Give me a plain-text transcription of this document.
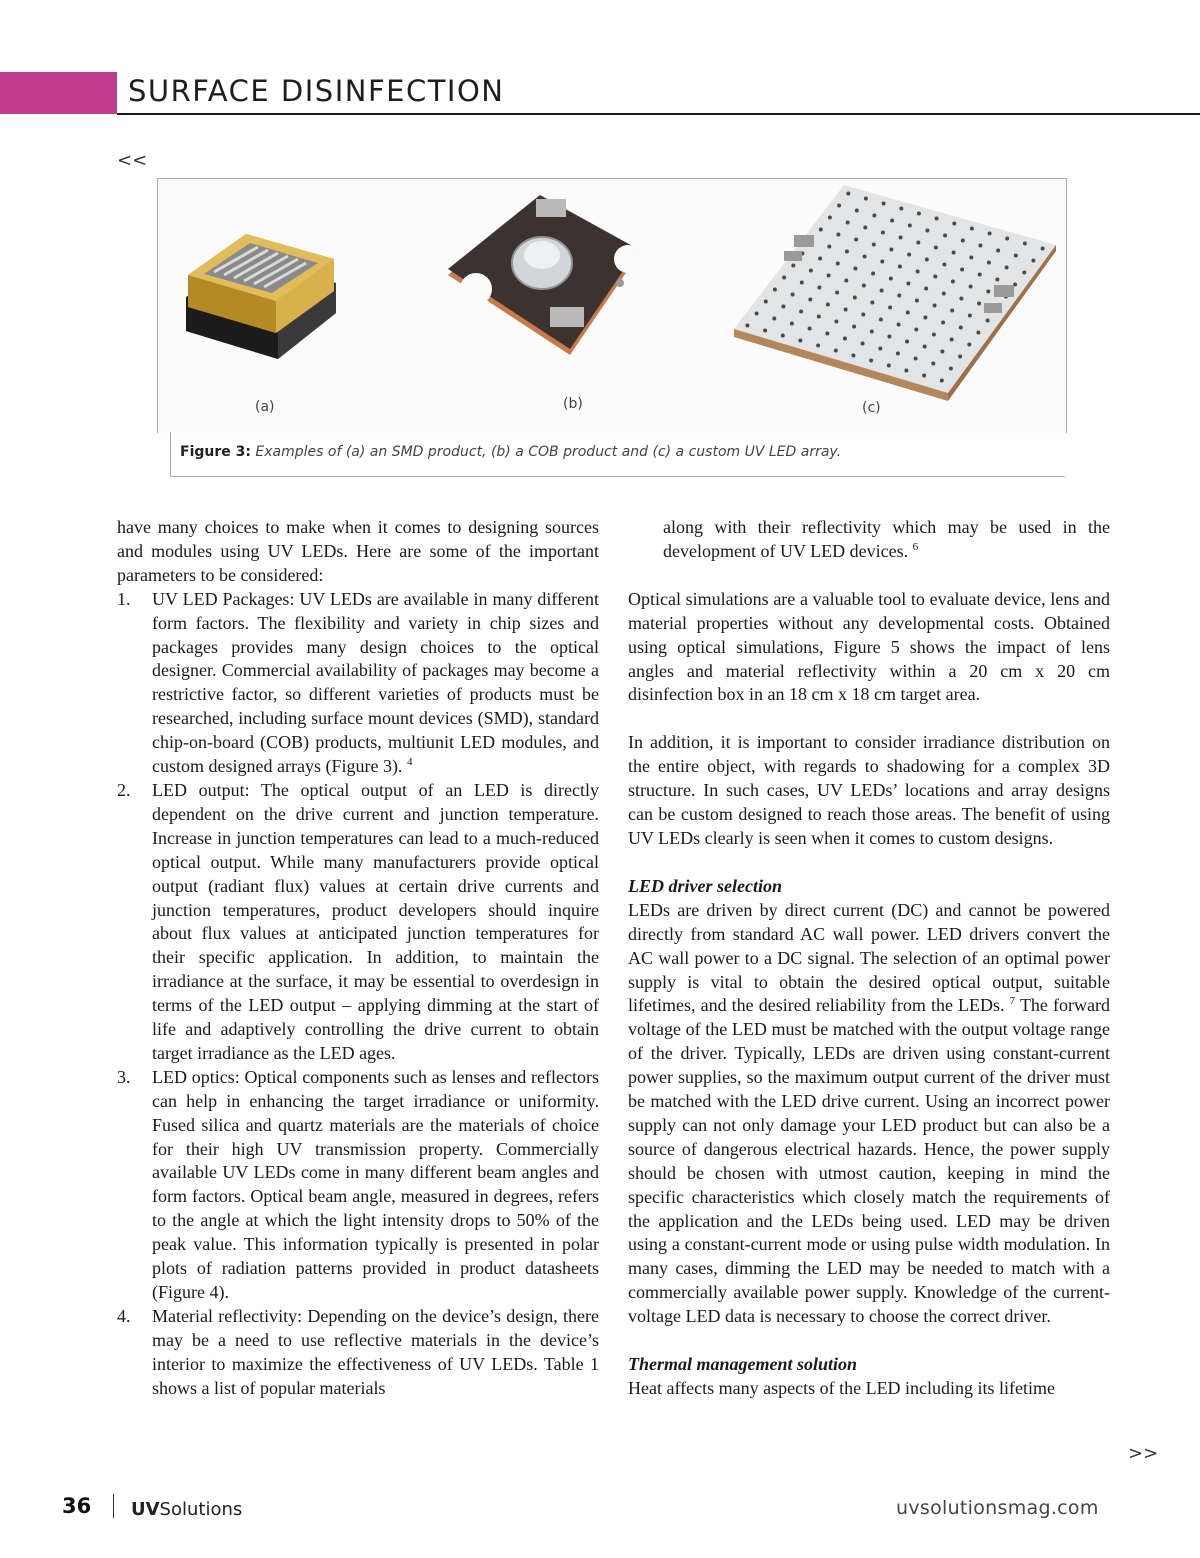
SURFACE DISINFECTION
<<
(a)	(b)	(c)
Figure 3: Examples of (a) an SMD product, (b) a COB product and (c) a custom UV LED array.

have many choices to make when it comes to designing sources and modules using UV LEDs. Here are some of the important parameters to be considered:

1. UV LED Packages: UV LEDs are available in many different form factors. The flexibility and variety in chip sizes and packages provides many design choices to the optical designer. Commercial availability of packages may become a restrictive factor, so different varieties of products must be researched, including surface mount devices (SMD), standard chip-on-board (COB) products, multiunit LED modules, and custom designed arrays (Figure 3). $^4$
2. LED output: The optical output of an LED is directly dependent on the drive current and junction temperature. Increase in junction temperatures can lead to a much-reduced optical output. While many manufacturers provide optical output (radiant flux) values at certain drive currents and junction temperatures, product developers should inquire about flux values at anticipated junction temperatures for their specific application. In addition, to maintain the irradiance at the surface, it may be essential to overdesign in terms of the LED output – applying dimming at the start of life and adaptively controlling the drive current to obtain target irradiance as the LED ages.
3. LED optics: Optical components such as lenses and reflectors can help in enhancing the target irradiance or uniformity. Fused silica and quartz materials are the materials of choice for their high UV transmission property. Commercially available UV LEDs come in many different beam angles and form factors. Optical beam angle, measured in degrees, refers to the angle at which the light intensity drops to 50% of the peak value. This information typically is presented in polar plots of radiation patterns provided in product datasheets (Figure 4).
4. Material reflectivity: Depending on the device’s design, there may be a need to use reflective materials in the device’s interior to maximize the effectiveness of UV LEDs. Table 1 shows a list of popular materials

along with their reflectivity which may be used in the development of UV LED devices. $^6$

Optical simulations are a valuable tool to evaluate device, lens and material properties without any developmental costs. Obtained using optical simulations, Figure 5 shows the impact of lens angles and material reflectivity within a 20 cm x 20 cm disinfection box in an 18 cm x 18 cm target area.

In addition, it is important to consider irradiance distribution on the entire object, with regards to shadowing for a complex 3D structure. In such cases, UV LEDs’ locations and array designs can be custom designed to reach those areas. The benefit of using UV LEDs clearly is seen when it comes to custom designs.

LED driver selection

LEDs are driven by direct current (DC) and cannot be powered directly from standard AC wall power. LED drivers convert the AC wall power to a DC signal. The selection of an optimal power supply is vital to obtain the desired optical output, suitable lifetimes, and the desired reliability from the LEDs. $^7$ The forward voltage of the LED must be matched with the output voltage range of the driver. Typically, LEDs are driven using constant-current power supplies, so the maximum output current of the driver must be matched with the LED drive current. Using an incorrect power supply can not only damage your LED product but can also be a source of dangerous electrical hazards. Hence, the power supply should be chosen with utmost caution, keeping in mind the specific characteristics which closely match the requirements of the application and the LEDs being used. LED may be driven using a constant-current mode or using pulse width modulation. In many cases, dimming the LED may be needed to match with a commercially available power supply. Knowledge of the current-voltage LED data is necessary to choose the correct driver.

Thermal management solution

Heat affects many aspects of the LED including its lifetime

>>
36 UVSolutions	uvsolutionsmag.com
